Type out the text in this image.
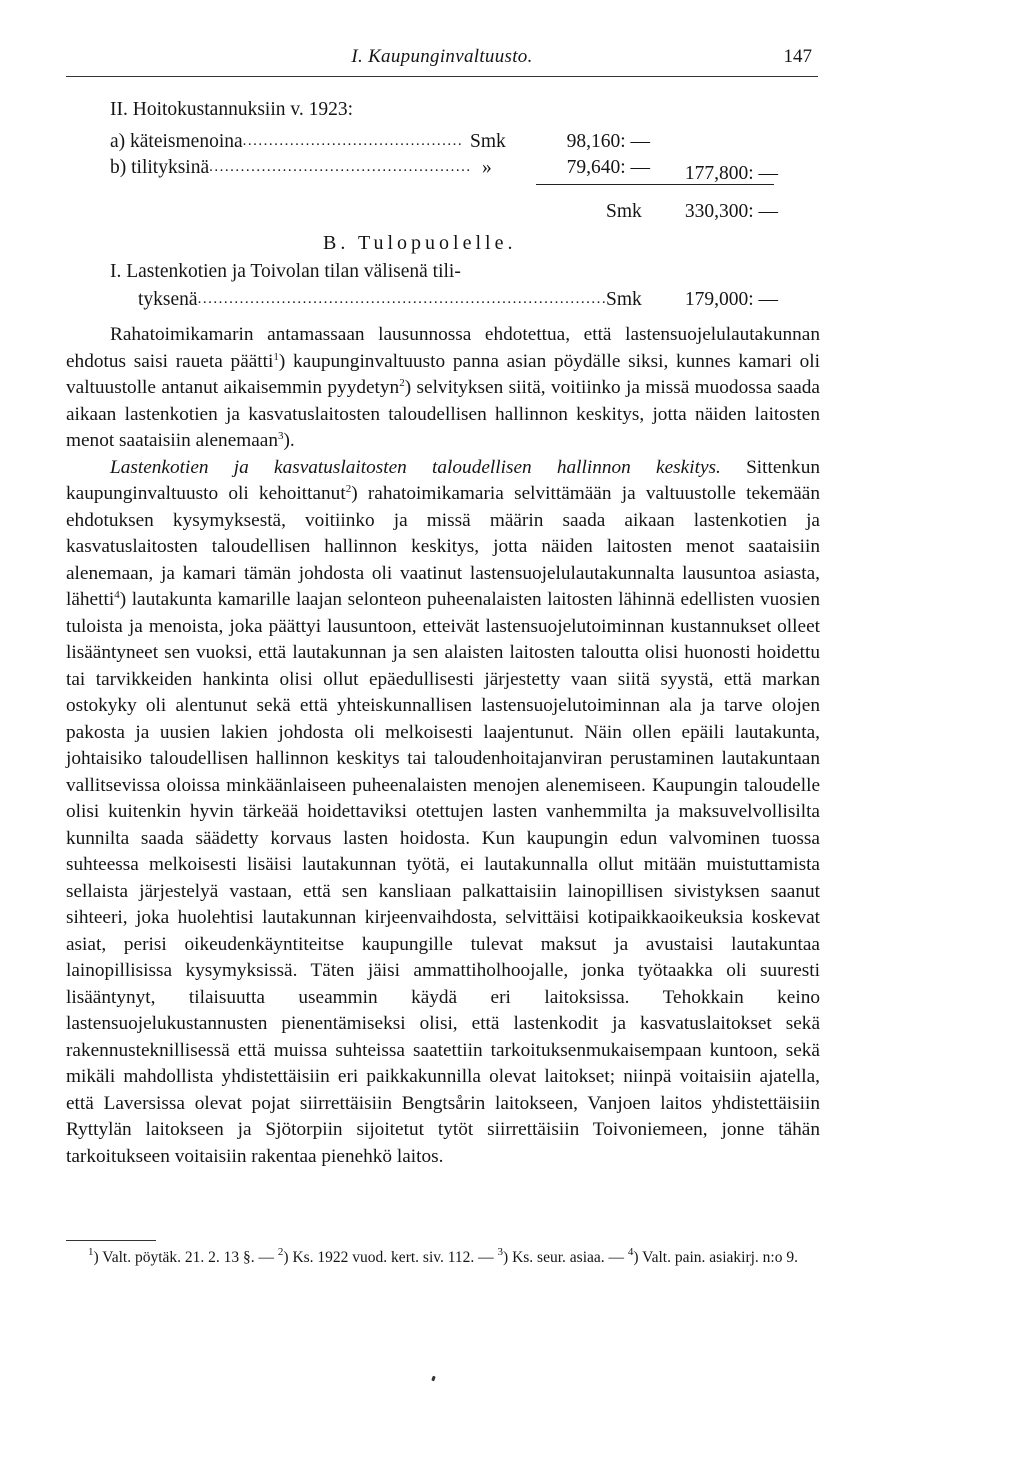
I. Kaupunginvaltuusto.	147
II. Hoitokustannuksiin v. 1923:
a) käteismenoina.......................................... Smk	98,160: —
b) tilityksinä.................................................. »	79,640: —	177,800: —
Smk	330,300: —
B. Tulopuolelle.
I. Lastenkotien ja Toivolan tilan välisenä tili-
tyksenä..............................................................................
Smk	179,000: —

Rahatoimikamarin antamassaan lausunnossa ehdotettua, että lastensuojelulautakunnan ehdotus saisi raueta päätti$^1$) kaupunginvaltuusto panna asian pöydälle siksi, kunnes kamari oli valtuustolle antanut aikaisemmin pyydetyn$^2$) selvityksen siitä, voitiinko ja missä muodossa saada aikaan lastenkotien ja kasvatuslaitosten taloudellisen hallinnon keskitys, jotta näiden laitosten menot saataisiin alenemaan$^3$).

Lastenkotien ja kasvatuslaitosten taloudellisen hallinnon keskitys. Sittenkun kaupunginvaltuusto oli kehoittanut$^2$) rahatoimikamaria selvittämään ja valtuustolle tekemään ehdotuksen kysymyksestä, voitiinko ja missä määrin saada aikaan lastenkotien ja kasvatuslaitosten taloudellisen hallinnon keskitys, jotta näiden laitosten menot saataisiin alenemaan, ja kamari tämän johdosta oli vaatinut lastensuojelulautakunnalta lausuntoa asiasta, lähetti$^4$) lautakunta kamarille laajan selonteon puheenalaisten laitosten lähinnä edellisten vuosien tuloista ja menoista, joka päättyi lausuntoon, etteivät lastensuojelutoiminnan kustannukset olleet lisääntyneet sen vuoksi, että lautakunnan ja sen alaisten laitosten taloutta olisi huonosti hoidettu tai tarvikkeiden hankinta olisi ollut epäedullisesti järjestetty vaan siitä syystä, että markan ostokyky oli alentunut sekä että yhteiskunnallisen lastensuojelutoiminnan ala ja tarve olojen pakosta ja uusien lakien johdosta oli melkoisesti laajentunut. Näin ollen epäili lautakunta, johtaisiko taloudellisen hallinnon keskitys tai taloudenhoitajanviran perustaminen lautakuntaan vallitsevissa oloissa minkäänlaiseen puheenalaisten menojen alenemiseen. Kaupungin taloudelle olisi kuitenkin hyvin tärkeää hoidettaviksi otettujen lasten vanhemmilta ja maksuvelvollisilta kunnilta saada säädetty korvaus lasten hoidosta. Kun kaupungin edun valvominen tuossa suhteessa melkoisesti lisäisi lautakunnan työtä, ei lautakunnalla ollut mitään muistuttamista sellaista järjestelyä vastaan, että sen kansliaan palkattaisiin lainopillisen sivistyksen saanut sihteeri, joka huolehtisi lautakunnan kirjeenvaihdosta, selvittäisi kotipaikkaoikeuksia koskevat asiat, perisi oikeudenkäyntiteitse kaupungille tulevat maksut ja avustaisi lautakuntaa lainopillisissa kysymyksissä. Täten jäisi ammattiholhoojalle, jonka työtaakka oli suuresti lisääntynyt, tilaisuutta useammin käydä eri laitoksissa. Tehokkain keino lastensuojelukustannusten pienentämiseksi olisi, että lastenkodit ja kasvatuslaitokset sekä rakennusteknillisessä että muissa suhteissa saatettiin tarkoituksenmukaisempaan kuntoon, sekä mikäli mahdollista yhdistettäisiin eri paikkakunnilla olevat laitokset; niinpä voitaisiin ajatella, että Laversissa olevat pojat siirrettäisiin Bengtsårin laitokseen, Vanjoen laitos yhdistettäisiin Ryttylän laitokseen ja Sjötorpiin sijoitetut tytöt siirrettäisiin Toivoniemeen, jonne tähän tarkoitukseen voitaisiin rakentaa pienehkö laitos.

$^1$) Valt. pöytäk. 21. 2. 13 §. — $^2$) Ks. 1922 vuod. kert. siv. 112. — $^3$) Ks. seur. asiaa. — $^4$) Valt. pain. asiakirj. n:o 9.
